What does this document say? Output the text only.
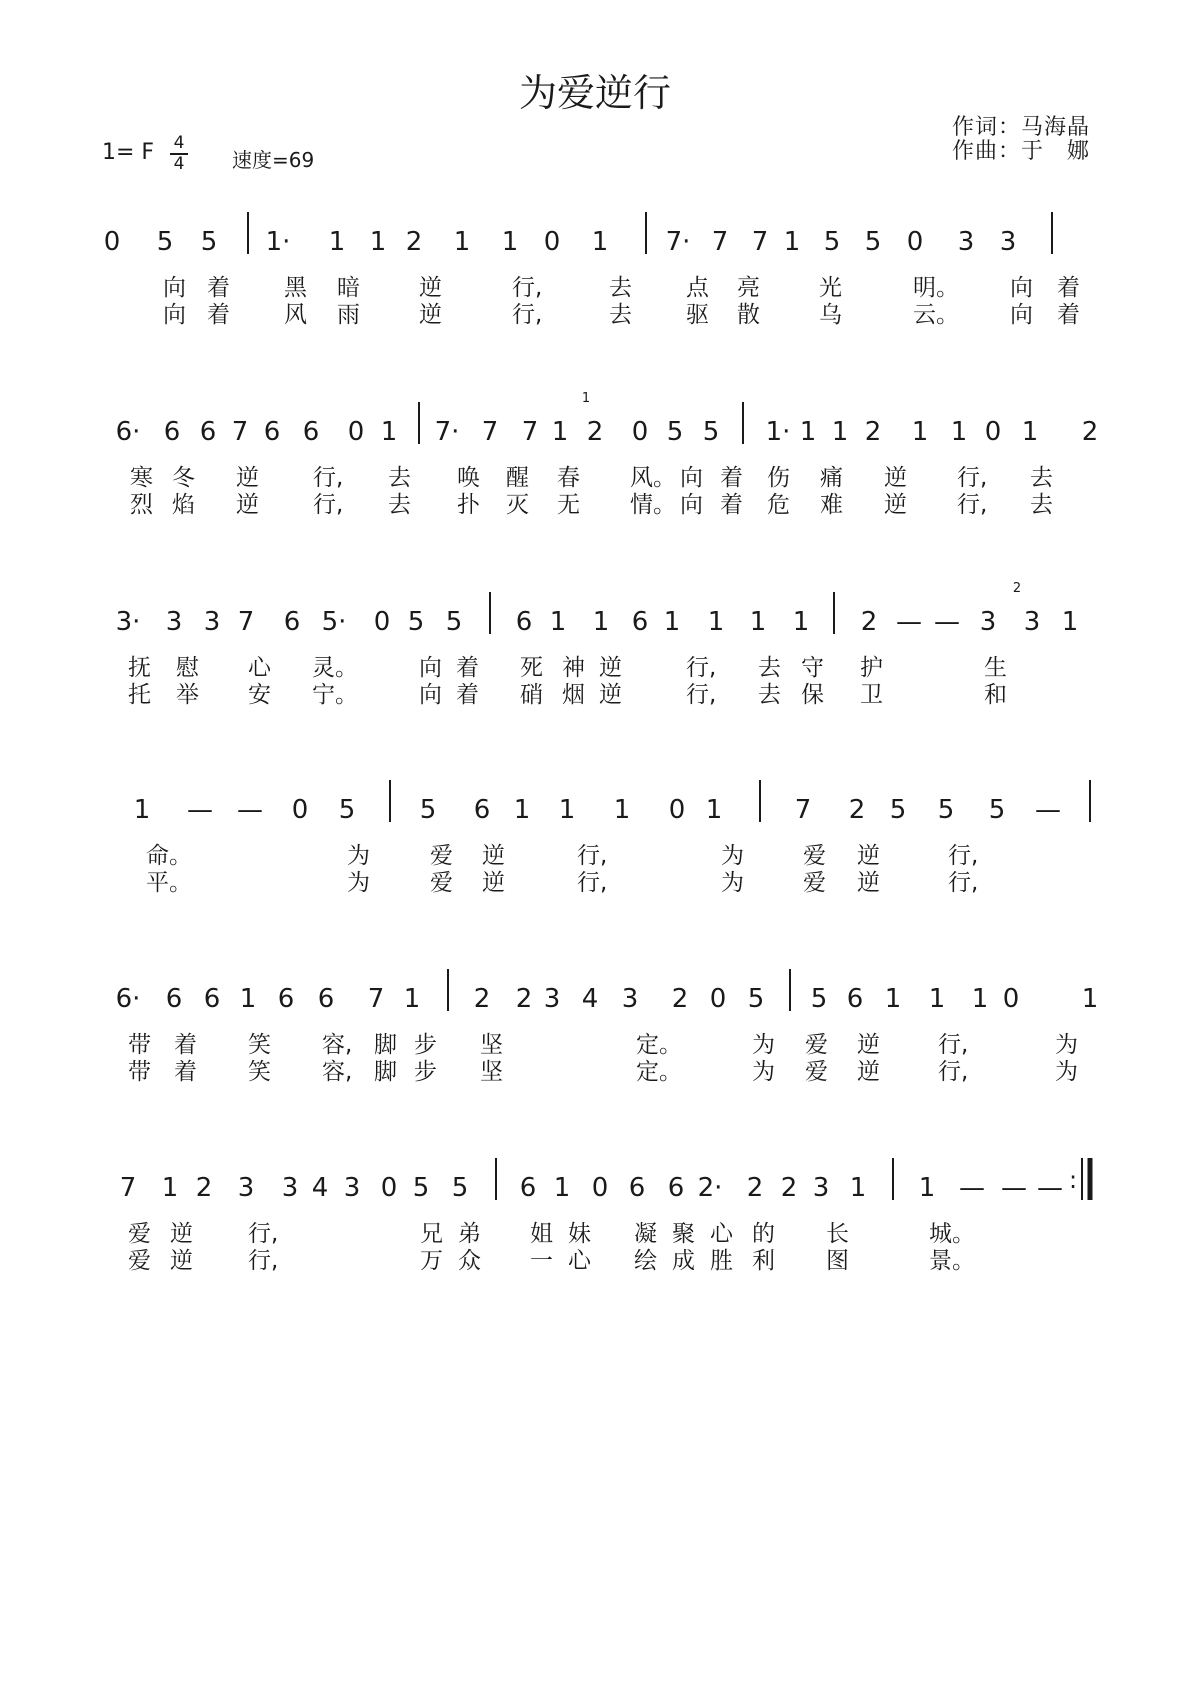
为爱逆行
作词：马海晶
作曲：于　娜
1= F	4
4 速度=69
0 5 5 1· 1 1 2 1 1 0 1 7· 7 7 1 5 5 0 3 3
向 着 黑 暗	逆	行,	去 点 亮	光	明。 向 着
向 着 风 雨	逆	行,	去 驱 散	乌	云。 向 着
6· 6 6 7 6 6 0 1 7· 7 7 1 2 0 5 5 1· 1 1 2 1 1 0 1 2
1
寒 冬 逆 行, 去 唤 醒 春 风。 向 着 伤 痛 逆 行, 去
烈 焰 逆 行, 去 扑 灭 无 情。 向 着 危 难 逆 行, 去
3· 3 3 7 6 5· 0 5 5 6 1 1 6 1 1 1 1 2 — — 3 3 1
2
抚 慰 心 灵。	向 着 死 神 逆	行, 去 守 护	生
托 举 安 宁。	向 着 硝 烟 逆	行, 去 保 卫	和
1 — — 0 5 5 6 1 1 1 0 1	7 2 5 5 5 —
命。	为	爱 逆	行,	为	爱 逆	行,
平。	为	爱 逆	行,	为	爱 逆	行,
6· 6 6 1 6 6 7 1 2 2 3 4 3 2 0 5 5 6 1 1 1 0 1
带 着 笑 容, 脚 步 坚	定。	为 爱 逆	行,	为
带 着 笑 容, 脚 步 坚	定。	为 爱 逆	行,	为
7 1 2 3 3 4 3 0 5 5 6 1 0 6 6 2· 2 2 3 1 1 — — — :
爱 逆 行,	兄 弟 姐 妹 凝 聚 心 的 长	城。
爱 逆 行,	万 众 一 心 绘 成 胜 利 图	景。
